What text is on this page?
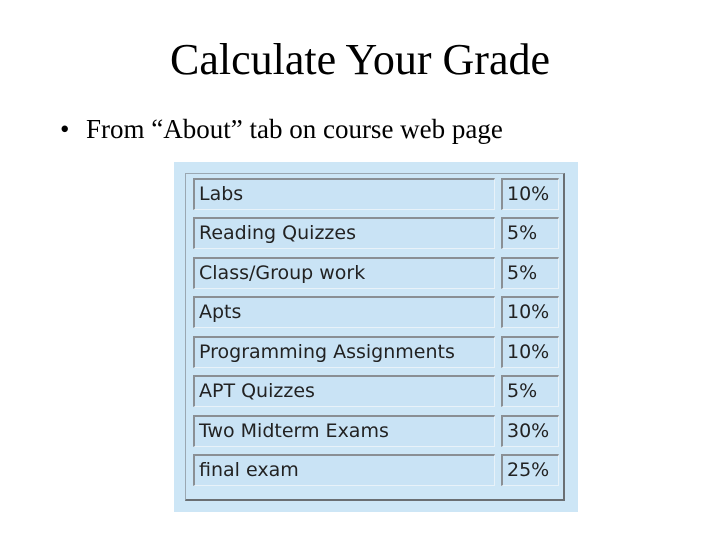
Calculate Your Grade
• From “About” tab on course web page
Labs	10%
Reading Quizzes	5%
Class/Group work	5%
Apts	10%
Programming Assignments	10%
APT Quizzes	5%
Two Midterm Exams	30%
final exam	25%
